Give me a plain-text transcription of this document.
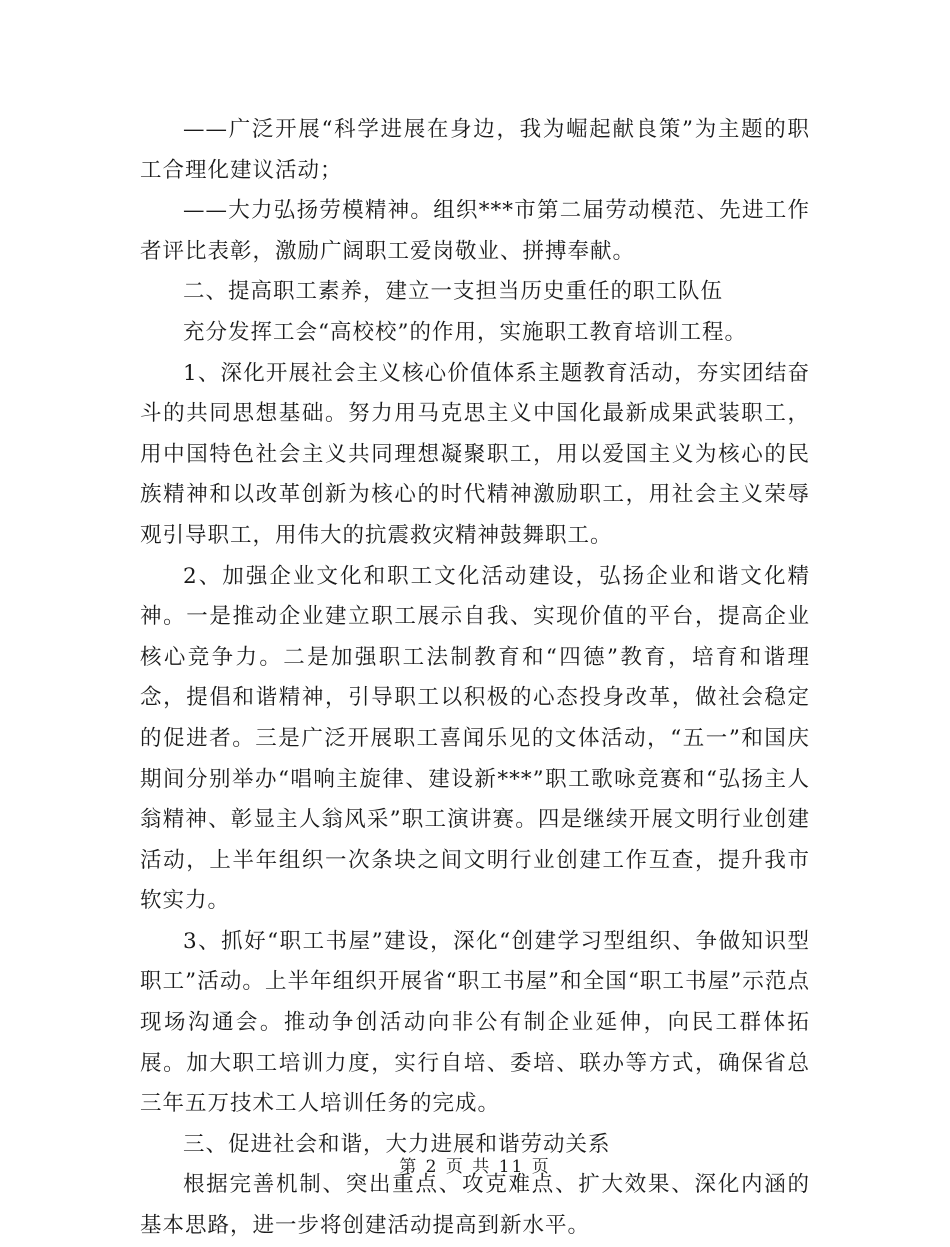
——广泛开展“科学进展在身边，我为崛起献良策”为主题的职工合理化建议活动；

——大力弘扬劳模精神。组织***市第二届劳动模范、先进工作者评比表彰，激励广阔职工爱岗敬业、拼搏奉献。

二、提高职工素养，建立一支担当历史重任的职工队伍

充分发挥工会“高校校”的作用，实施职工教育培训工程。

1、深化开展社会主义核心价值体系主题教育活动，夯实团结奋斗的共同思想基础。努力用马克思主义中国化最新成果武装职工，用中国特色社会主义共同理想凝聚职工，用以爱国主义为核心的民族精神和以改革创新为核心的时代精神激励职工，用社会主义荣辱观引导职工，用伟大的抗震救灾精神鼓舞职工。

2、加强企业文化和职工文化活动建设，弘扬企业和谐文化精神。一是推动企业建立职工展示自我、实现价值的平台，提高企业核心竞争力。二是加强职工法制教育和“四德”教育，培育和谐理念，提倡和谐精神，引导职工以积极的心态投身改革，做社会稳定的促进者。三是广泛开展职工喜闻乐见的文体活动，“五一”和国庆期间分别举办“唱响主旋律、建设新***”职工歌咏竞赛和“弘扬主人翁精神、彰显主人翁风采”职工演讲赛。四是继续开展文明行业创建活动，上半年组织一次条块之间文明行业创建工作互查，提升我市软实力。

3、抓好“职工书屋”建设，深化“创建学习型组织、争做知识型职工”活动。上半年组织开展省“职工书屋”和全国“职工书屋”示范点现场沟通会。推动争创活动向非公有制企业延伸，向民工群体拓展。加大职工培训力度，实行自培、委培、联办等方式，确保省总三年五万技术工人培训任务的完成。

三、促进社会和谐，大力进展和谐劳动关系

根据完善机制、突出重点、攻克难点、扩大效果、深化内涵的基本思路，进一步将创建活动提高到新水平。

第 2 页 共 11 页
